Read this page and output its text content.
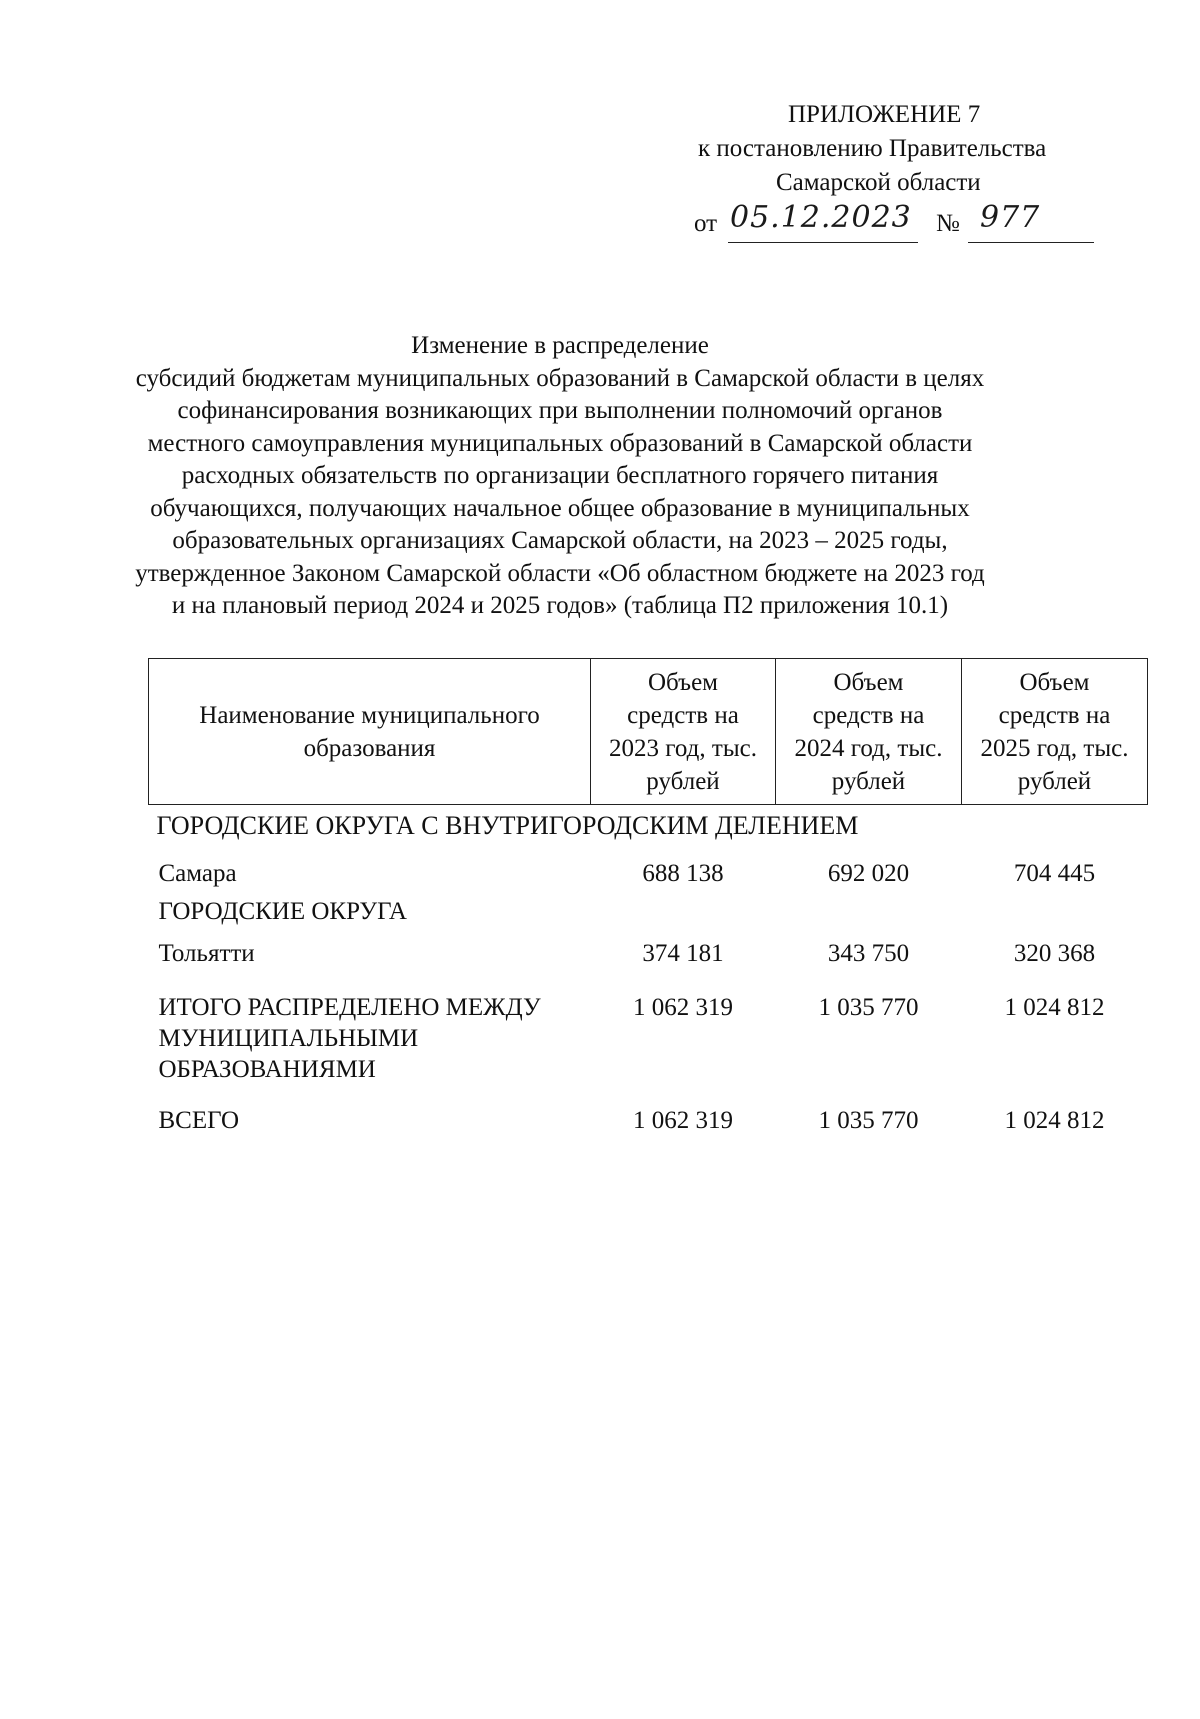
ПРИЛОЖЕНИЕ 7
к постановлению Правительства
Самарской области
от 05.12.2023 № 977
Изменение в распределение
субсидий бюджетам муниципальных образований в Самарской области в целях
софинансирования возникающих при выполнении полномочий органов
местного самоуправления муниципальных образований в Самарской области
расходных обязательств по организации бесплатного горячего питания
обучающихся, получающих начальное общее образование в муниципальных
образовательных организациях Самарской области, на 2023 – 2025 годы,
утвержденное Законом Самарской области «Об областном бюджете на 2023 год
и на плановый период 2024 и 2025 годов» (таблица П2 приложения 10.1)
Наименование муниципального образования	Объем средств на 2023 год, тыс. рублей	Объем средств на 2024 год, тыс. рублей	Объем средств на 2025 год, тыс. рублей
ГОРОДСКИЕ ОКРУГА С ВНУТРИГОРОДСКИМ ДЕЛЕНИЕМ			
Самара	688 138	692 020	704 445
ГОРОДСКИЕ ОКРУГА			
Тольятти	374 181	343 750	320 368
ИТОГО РАСПРЕДЕЛЕНО МЕЖДУ МУНИЦИПАЛЬНЫМИ ОБРАЗОВАНИЯМИ	1 062 319	1 035 770	1 024 812
ВСЕГО	1 062 319	1 035 770	1 024 812
